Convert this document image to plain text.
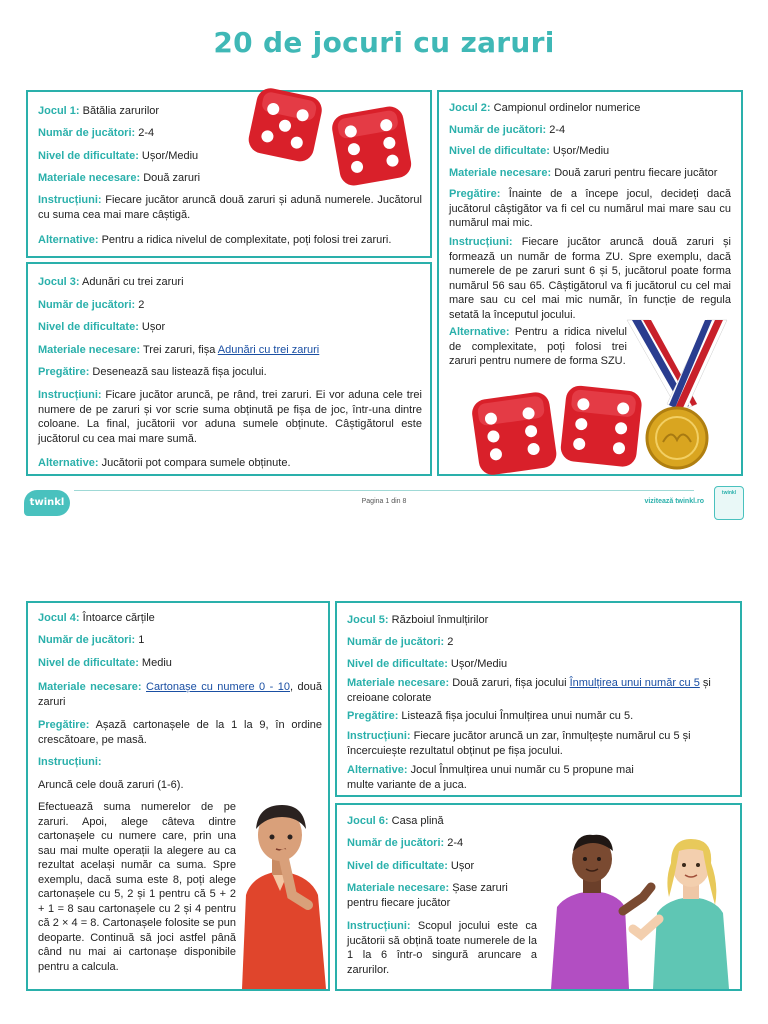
20 de jocuri cu zaruri
Jocul 1: Bătălia zarurilor
Număr de jucători: 2-4
Nivel de dificultate: Ușor/Mediu
Materiale necesare: Două zaruri
Instrucțiuni: Fiecare jucător aruncă două zaruri și adună numerele. Jucătorul cu suma cea mai mare câștigă.
Alternative: Pentru a ridica nivelul de complexitate, poți folosi trei zaruri.
Jocul 2: Campionul ordinelor numerice
Număr de jucători: 2-4
Nivel de dificultate: Ușor/Mediu
Materiale necesare: Două zaruri pentru fiecare jucător
Pregătire: Înainte de a începe jocul, decideți dacă jucătorul câștigător va fi cel cu numărul mai mare sau cu numărul mai mic.
Instrucțiuni: Fiecare jucător aruncă două zaruri și formează un număr de forma ZU. Spre exemplu, dacă numerele de pe zaruri sunt 6 și 5, jucătorul poate forma numărul 56 sau 65. Câștigătorul va fi jucătorul cu cel mai mare sau cu cel mai mic număr, în funcție de regula setată la începutul jocului.
Alternative: Pentru a ridica nivelul de complexitate, poți folosi trei zaruri pentru numere de forma SZU.
Jocul 3: Adunări cu trei zaruri
Număr de jucători: 2
Nivel de dificultate: Ușor
Materiale necesare: Trei zaruri, fișa Adunări cu trei zaruri
Pregătire: Desenează sau listează fișa jocului.
Instrucțiuni: Ficare jucător aruncă, pe rând, trei zaruri. Ei vor aduna cele trei numere de pe zaruri și vor scrie suma obținută pe fișa de joc, într-una dintre coloane. La final, jucătorii vor aduna sumele obținute. Câștigătorul este jucătorul cu cea mai mare sumă.
Alternative: Jucătorii pot compara sumele obținute.
twinkl	Pagina 1 din 8	vizitează twinkl.ro
twinkl
Jocul 4: Întoarce cărțile
Număr de jucători: 1
Nivel de dificultate: Mediu
Materiale necesare: Cartonașe cu numere 0 - 10, două zaruri
Pregătire: Așază cartonașele de la 1 la 9, în ordine crescătoare, pe masă.
Instrucțiuni:
Aruncă cele două zaruri (1-6).
Efectuează suma numerelor de pe zaruri. Apoi, alege câteva dintre cartonașele cu numere care, prin una sau mai multe operații la alegere au ca rezultat același număr ca suma. Spre exemplu, dacă suma este 8, poți alege cartonașele cu 5, 2 și 1 pentru că 5 + 2 + 1 = 8 sau cartonașele cu 2 și 4 pentru că 2 × 4 = 8. Cartonașele folosite se pun deoparte. Continuă să joci astfel până când nu mai ai cartonașe disponibile pentru a calcula.
Jocul 5: Războiul înmulțirilor
Număr de jucători: 2
Nivel de dificultate: Ușor/Mediu
Materiale necesare: Două zaruri, fișa jocului Înmulțirea unui număr cu 5 și creioane colorate
Pregătire: Listează fișa jocului Înmulțirea unui număr cu 5.
Instrucțiuni: Fiecare jucător aruncă un zar, înmulțește numărul cu 5 și încercuiește rezultatul obținut pe fișa jocului.
Alternative: Jocul Înmulțirea unui număr cu 5 propune mai multe variante de a juca.
Jocul 6: Casa plină
Număr de jucători: 2-4
Nivel de dificultate: Ușor
Materiale necesare: Șase zaruri pentru fiecare jucător
Instrucțiuni: Scopul jocului este ca jucătorii să obțină toate numerele de la 1 la 6 într-o singură aruncare a zarurilor.
